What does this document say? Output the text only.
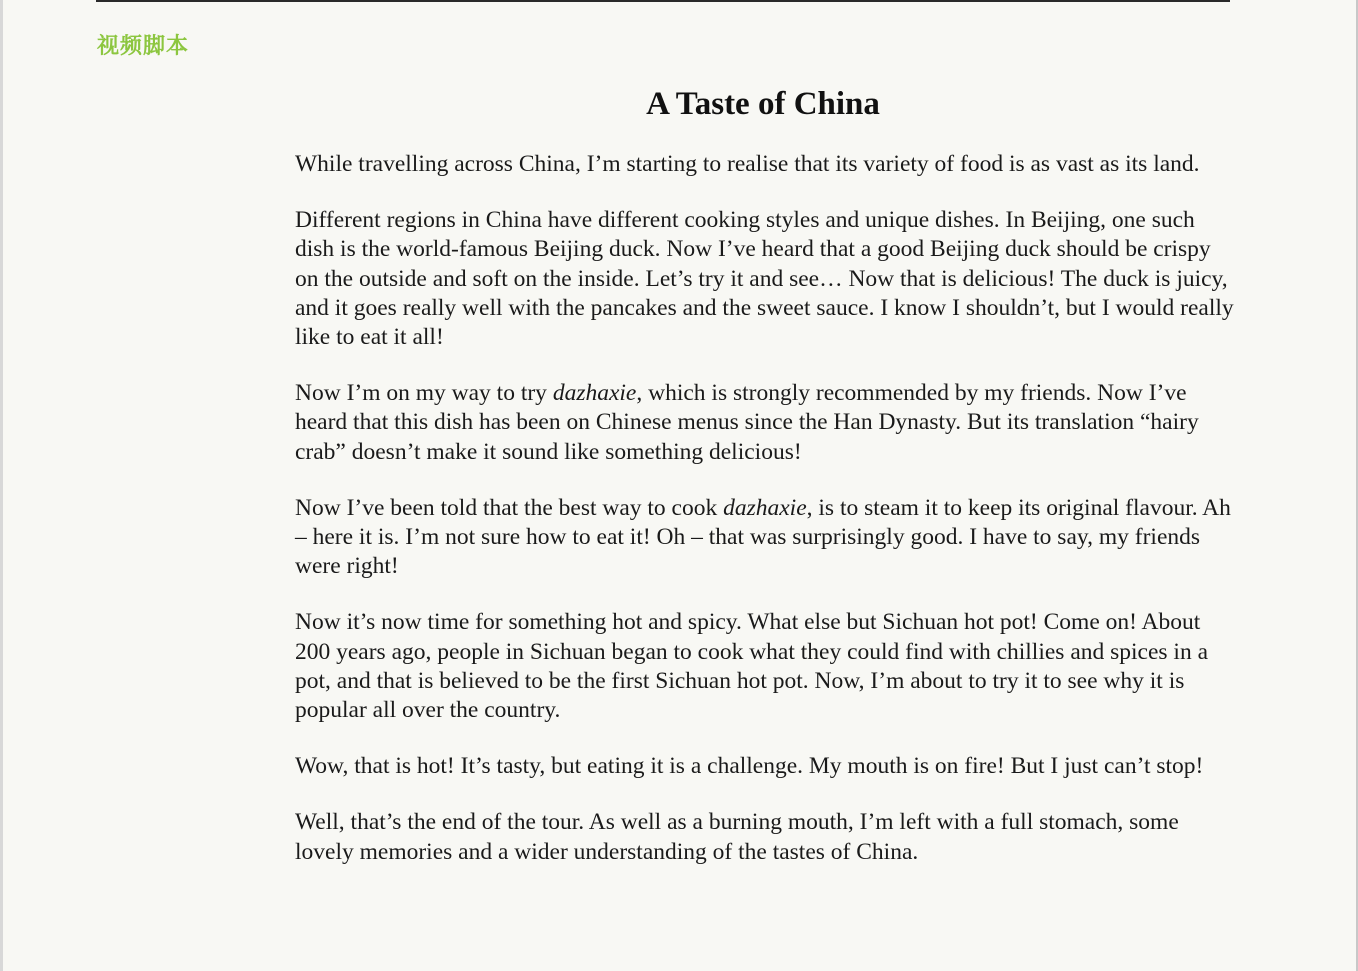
视频脚本
A Taste of China

While travelling across China, I’m starting to realise that its variety of food is as vast as its land.

Different regions in China have different cooking styles and unique dishes. In Beijing, one such dish is the world-famous Beijing duck. Now I’ve heard that a good Beijing duck should be crispy on the outside and soft on the inside. Let’s try it and see… Now that is delicious! The duck is juicy, and it goes really well with the pancakes and the sweet sauce. I know I shouldn’t, but I would really like to eat it all!

Now I’m on my way to try dazhaxie, which is strongly recommended by my friends. Now I’ve heard that this dish has been on Chinese menus since the Han Dynasty. But its translation “hairy crab” doesn’t make it sound like something delicious!

Now I’ve been told that the best way to cook dazhaxie, is to steam it to keep its original flavour. Ah – here it is. I’m not sure how to eat it! Oh – that was surprisingly good. I have to say, my friends were right!

Now it’s now time for something hot and spicy. What else but Sichuan hot pot! Come on! About 200 years ago, people in Sichuan began to cook what they could find with chillies and spices in a pot, and that is believed to be the first Sichuan hot pot. Now, I’m about to try it to see why it is popular all over the country.

Wow, that is hot! It’s tasty, but eating it is a challenge. My mouth is on fire! But I just can’t stop!

Well, that’s the end of the tour. As well as a burning mouth, I’m left with a full stomach, some lovely memories and a wider understanding of the tastes of China.
